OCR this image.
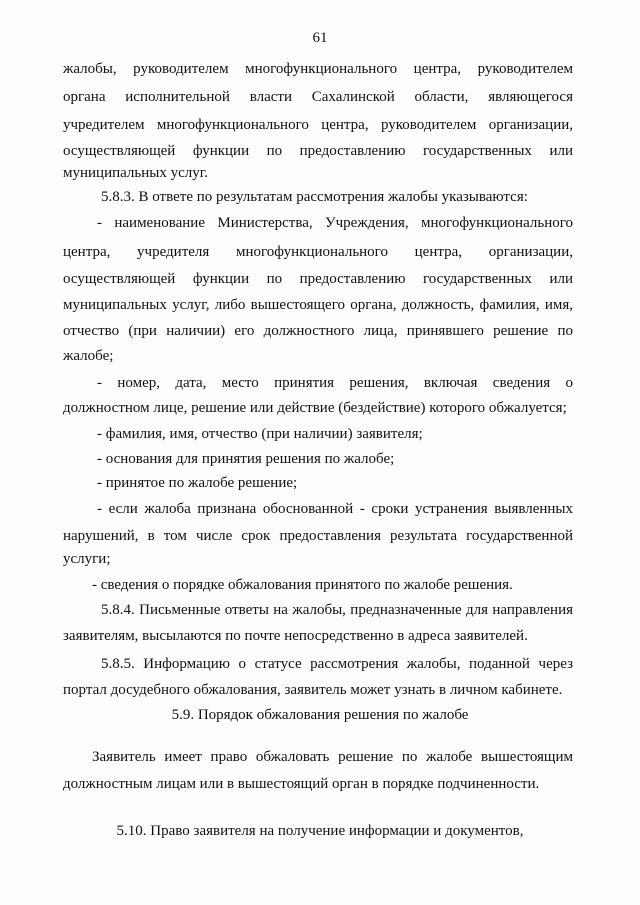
61
жалобы, руководителем многофункционального центра, руководителем
органа исполнительной власти Сахалинской области, являющегося
учредителем многофункционального центра, руководителем организации,
осуществляющей функции по предоставлению государственных или
муниципальных услуг.
5.8.3. В ответе по результатам рассмотрения жалобы указываются:
- наименование Министерства, Учреждения, многофункционального
центра, учредителя многофункционального центра, организации,
осуществляющей функции по предоставлению государственных или
муниципальных услуг, либо вышестоящего органа, должность, фамилия, имя,
отчество (при наличии) его должностного лица, принявшего решение по
жалобе;
- номер, дата, место принятия решения, включая сведения о
должностном лице, решение или действие (бездействие) которого обжалуется;
- фамилия, имя, отчество (при наличии) заявителя;
- основания для принятия решения по жалобе;
- принятое по жалобе решение;
- если жалоба признана обоснованной - сроки устранения выявленных
нарушений, в том числе срок предоставления результата государственной
услуги;
- сведения о порядке обжалования принятого по жалобе решения.
5.8.4. Письменные ответы на жалобы, предназначенные для направления
заявителям, высылаются по почте непосредственно в адреса заявителей.
5.8.5. Информацию о статусе рассмотрения жалобы, поданной через
портал досудебного обжалования, заявитель может узнать в личном кабинете.
5.9. Порядок обжалования решения по жалобе
Заявитель имеет право обжаловать решение по жалобе вышестоящим
должностным лицам или в вышестоящий орган в порядке подчиненности.
5.10. Право заявителя на получение информации и документов,
